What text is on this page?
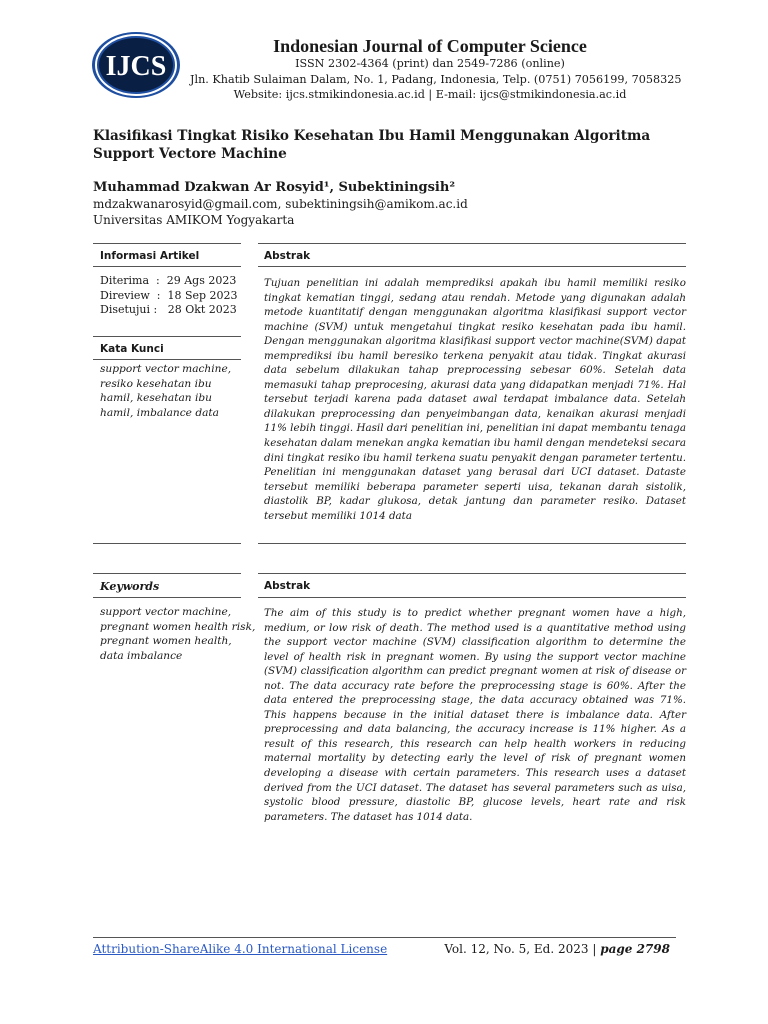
IJCS
Indonesian Journal of Computer Science
ISSN 2302-4364 (print) dan 2549-7286 (online)
Jln. Khatib Sulaiman Dalam, No. 1, Padang, Indonesia, Telp. (0751) 7056199, 7058325
Website: ijcs.stmikindonesia.ac.id | E-mail: ijcs@stmikindonesia.ac.id
Klasifikasi Tingkat Risiko Kesehatan Ibu Hamil Menggunakan Algoritma Support Vectore Machine
Muhammad Dzakwan Ar Rosyid¹, Subektiningsih²
mdzakwanarosyid@gmail.com, subektiningsih@amikom.ac.id
Universitas AMIKOM Yogyakarta
Informasi Artikel	Abstrak
Diterima  :  29 Ags 2023
Direview  :  18 Sep 2023
Disetujui :   28 Okt 2023
Kata Kunci
support vector machine, resiko kesehatan ibu hamil, kesehatan ibu hamil, imbalance data
Tujuan penelitian ini adalah memprediksi apakah ibu hamil memiliki resiko tingkat kematian tinggi, sedang atau rendah. Metode yang digunakan adalah metode kuantitatif dengan menggunakan algoritma klasifikasi support vector machine (SVM) untuk mengetahui tingkat resiko kesehatan pada ibu hamil. Dengan menggunakan algoritma klasifikasi support vector machine(SVM) dapat memprediksi ibu hamil beresiko terkena penyakit atau tidak. Tingkat akurasi data sebelum dilakukan tahap preprocessing sebesar 60%. Setelah data memasuki tahap preprocesing, akurasi data yang didapatkan menjadi 71%. Hal tersebut terjadi karena pada dataset awal terdapat imbalance data. Setelah dilakukan preprocessing dan penyeimbangan data, kenaikan akurasi menjadi 11% lebih tinggi. Hasil dari penelitian ini, penelitian ini dapat membantu tenaga kesehatan dalam menekan angka kematian ibu hamil dengan mendeteksi secara dini tingkat resiko ibu hamil terkena suatu penyakit dengan parameter tertentu. Penelitian ini menggunakan dataset yang berasal dari UCI dataset. Dataste tersebut memiliki beberapa parameter seperti uisa, tekanan darah sistolik, diastolik BP, kadar glukosa, detak jantung dan parameter resiko. Dataset tersebut memiliki 1014 data
Keywords	Abstrak
support vector machine, pregnant women health risk, pregnant women health, data imbalance
The aim of this study is to predict whether pregnant women have a high, medium, or low risk of death. The method used is a quantitative method using the support vector machine (SVM) classification algorithm to determine the level of health risk in pregnant women. By using the support vector machine (SVM) classification algorithm can predict pregnant women at risk of disease or not. The data accuracy rate before the preprocessing stage is 60%. After the data entered the preprocessing stage, the data accuracy obtained was 71%. This happens because in the initial dataset there is imbalance data. After preprocessing and data balancing, the accuracy increase is 11% higher. As a result of this research, this research can help health workers in reducing maternal mortality by detecting early the level of risk of pregnant women developing a disease with certain parameters. This research uses a dataset derived from the UCI dataset. The dataset has several parameters such as uisa, systolic blood pressure, diastolic BP, glucose levels, heart rate and risk parameters. The dataset has 1014 data.
Attribution-ShareAlike 4.0 International License	Vol. 12, No. 5, Ed. 2023 | page 2798
